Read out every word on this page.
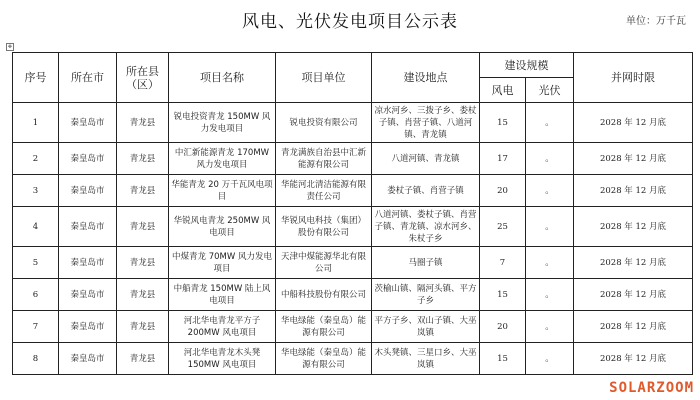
风电、光伏发电项目公示表	单位：万千瓦
✥
序号	所在市	所在县（区）	项目名称	项目单位	建设地点	建设规模		并网时限
						风电	光伏	
1	秦皇岛市	青龙县	锐电投资青龙 150MW 风力发电项目	锐电投资有限公司	凉水河乡、三拨子乡、娄杖子镇、肖营子镇、八道河镇、青龙镇	15	。	2028 年 12 月底
2	秦皇岛市	青龙县	中汇新能源青龙 170MW 风力发电项目	青龙满族自治县中汇新能源有限公司	八道河镇、青龙镇	17	。	2028 年 12 月底
3	秦皇岛市	青龙县	华能青龙 20 万千瓦风电项目	华能河北清洁能源有限责任公司	娄杖子镇、肖营子镇	20	。	2028 年 12 月底
4	秦皇岛市	青龙县	华锐风电青龙 250MW 风电项目	华锐风电科技（集团）股份有限公司	八道河镇、娄杖子镇、肖营子镇、青龙镇、凉水河乡、朱杖子乡	25	。	2028 年 12 月底
5	秦皇岛市	青龙县	中煤青龙 70MW 风力发电项目	天津中煤能源华北有限公司	马圈子镇	7	。	2028 年 12 月底
6	秦皇岛市	青龙县	中船青龙 150MW 陆上风电项目	中船科技股份有限公司	茨榆山镇、隔河头镇、平方子乡	15	。	2028 年 12 月底
7	秦皇岛市	青龙县	河北华电青龙平方子 200MW 风电项目	华电绿能（秦皇岛）能源有限公司	平方子乡、双山子镇、大巫岚镇	20	。	2028 年 12 月底
8	秦皇岛市	青龙县	河北华电青龙木头凳 150MW 风电项目	华电绿能（秦皇岛）能源有限公司	木头凳镇、三星口乡、大巫岚镇	15	。	2028 年 12 月底
SOLARZOOM
